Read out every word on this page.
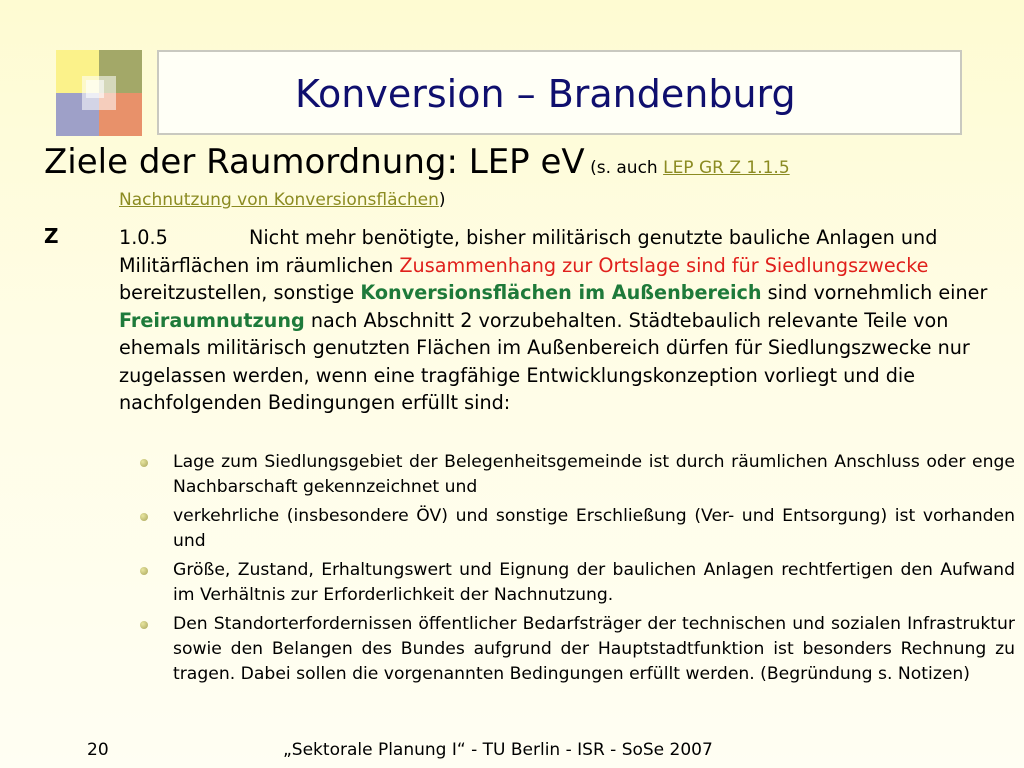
Konversion – Brandenburg
Ziele der Raumordnung: LEP eV (s. auch LEP GR Z 1.1.5
Nachnutzung von Konversionsflächen)
Z	1.0.5	Nicht mehr benötigte, bisher militärisch genutzte bauliche Anlagen und Militärflächen im räumlichen Zusammenhang zur Ortslage sind für Siedlungszwecke bereitzustellen, sonstige Konversionsflächen im Außenbereich sind vornehmlich einer Freiraumnutzung nach Abschnitt 2 vorzubehalten. Städtebaulich relevante Teile von ehemals militärisch genutzten Flächen im Außenbereich dürfen für Siedlungszwecke nur zugelassen werden, wenn eine tragfähige Entwicklungskonzeption vorliegt und die nachfolgenden Bedingungen erfüllt sind:
Lage zum Siedlungsgebiet der Belegenheitsgemeinde ist durch räumlichen Anschluss oder enge Nachbarschaft gekennzeichnet und
verkehrliche (insbesondere ÖV) und sonstige Erschließung (Ver- und Entsorgung) ist vorhanden und
Größe, Zustand, Erhaltungswert und Eignung der baulichen Anlagen rechtfertigen den Aufwand im Verhältnis zur Erforderlichkeit der Nachnutzung.
Den Standorterfordernissen öffentlicher Bedarfsträger der technischen und sozialen Infrastruktur sowie den Belangen des Bundes aufgrund der Hauptstadtfunktion ist besonders Rechnung zu tragen. Dabei sollen die vorgenannten Bedingungen erfüllt werden. (Begründung s. Notizen)
20	„Sektorale Planung I“ - TU Berlin - ISR - SoSe 2007
